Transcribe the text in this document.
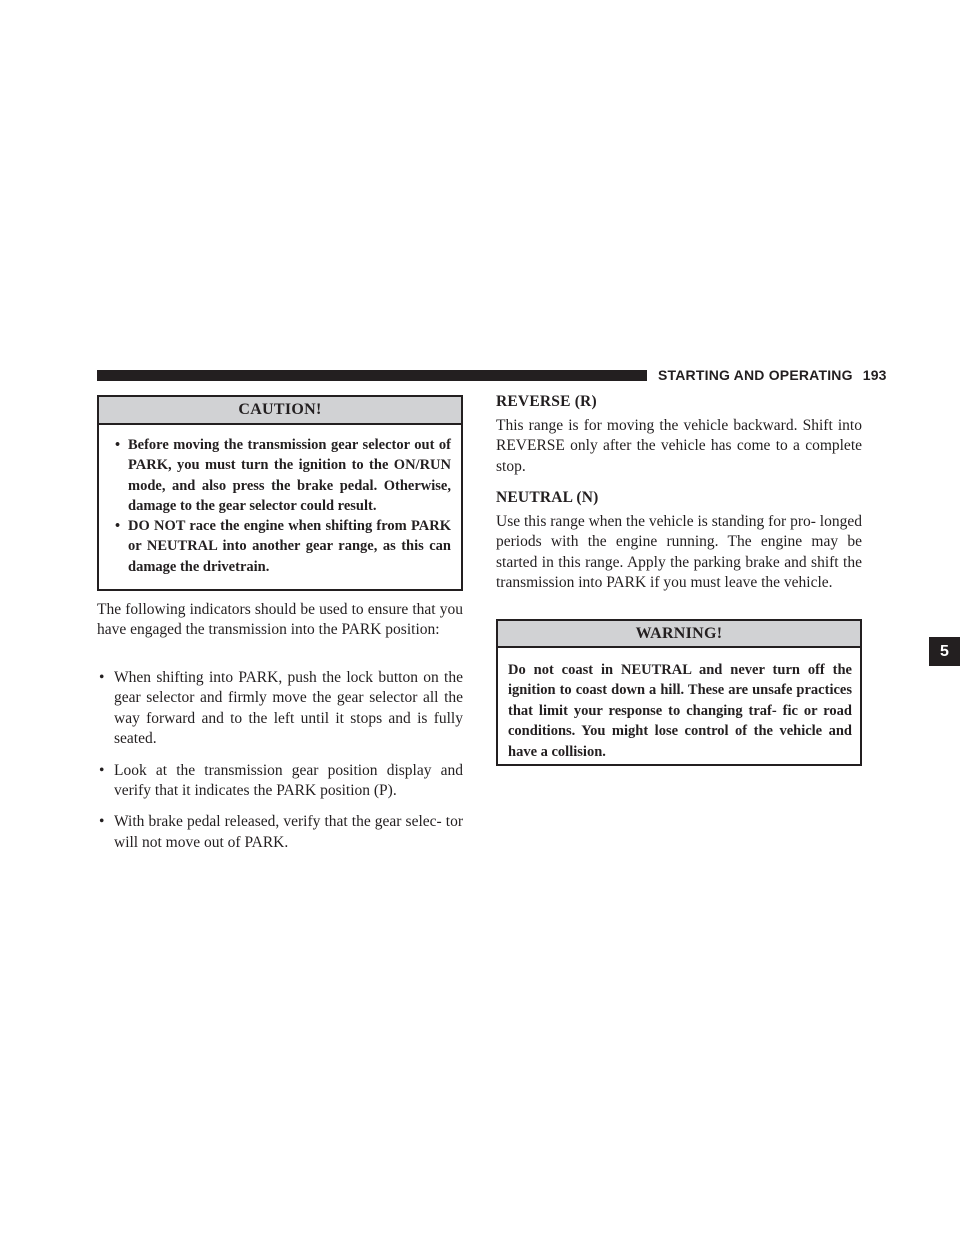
STARTING AND OPERATING 193
5
CAUTION!
• Before moving the transmission gear selector out of PARK, you must turn the ignition to the ON/RUN mode, and also press the brake pedal. Otherwise, damage to the gear selector could result.
• DO NOT race the engine when shifting from PARK or NEUTRAL into another gear range, as this can damage the drivetrain.

The following indicators should be used to ensure that you have engaged the transmission into the PARK position:

• When shifting into PARK, push the lock button on the gear selector and firmly move the gear selector all the way forward and to the left until it stops and is fully seated.
• Look at the transmission gear position display and verify that it indicates the PARK position (P).
• With brake pedal released, verify that the gear selec- tor will not move out of PARK.
REVERSE (R)

This range is for moving the vehicle backward. Shift into REVERSE only after the vehicle has come to a complete stop.

NEUTRAL (N)

Use this range when the vehicle is standing for pro- longed periods with the engine running. The engine may be started in this range. Apply the parking brake and shift the transmission into PARK if you must leave the vehicle.

WARNING!

Do not coast in NEUTRAL and never turn off the ignition to coast down a hill. These are unsafe practices that limit your response to changing traf- fic or road conditions. You might lose control of the vehicle and have a collision.
